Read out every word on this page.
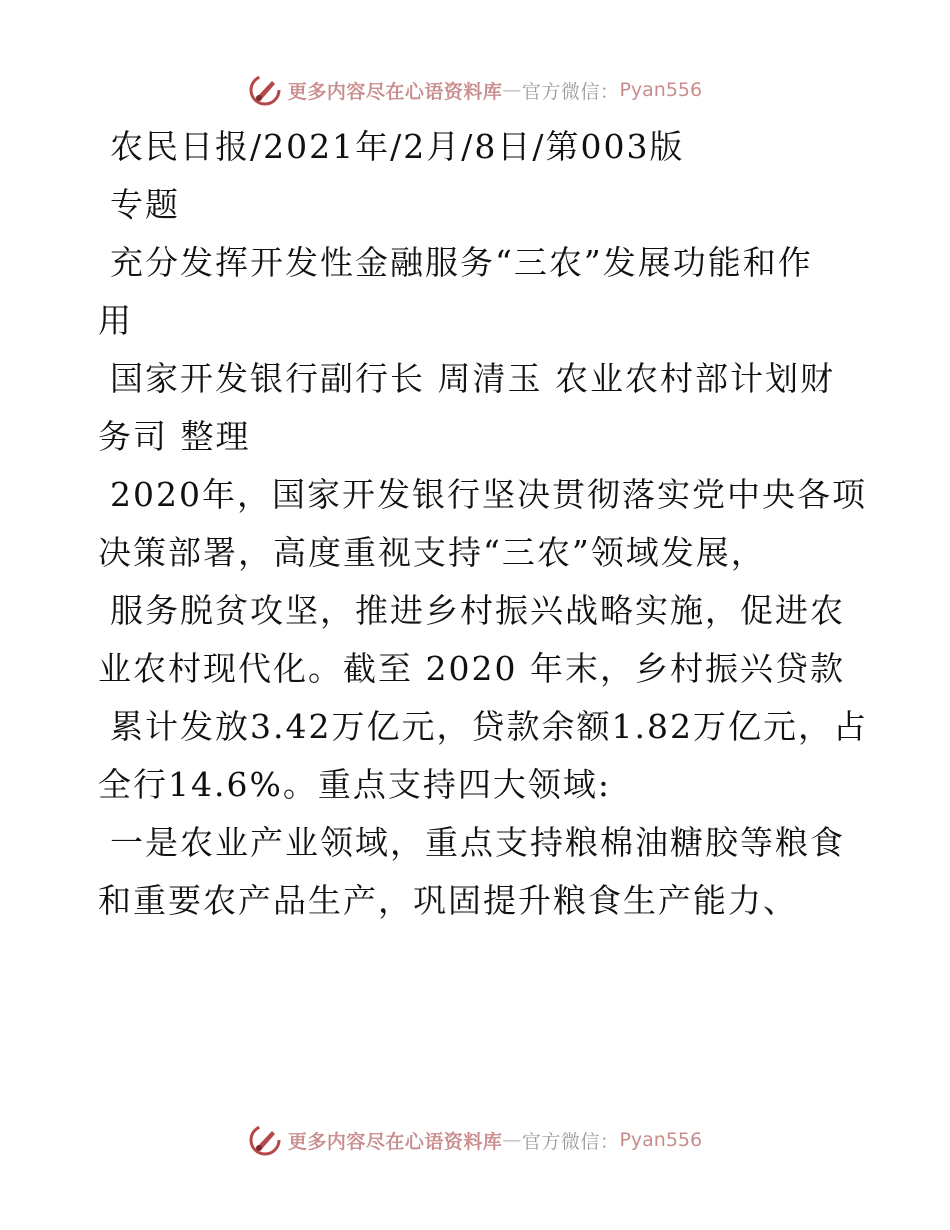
更多内容尽在心语资料库 — 官方微信： Pyan556
农民日报/2021年/2月/8日/第003版
专题
充分发挥开发性金融服务“三农”发展功能和作
用
国家开发银行副行长 周清玉 农业农村部计划财
务司 整理
2020年，国家开发银行坚决贯彻落实党中央各项
决策部署，高度重视支持“三农”领域发展，
服务脱贫攻坚，推进乡村振兴战略实施，促进农
业农村现代化。截至 2020 年末，乡村振兴贷款
累计发放3.42万亿元，贷款余额1.82万亿元，占
全行14.6%。重点支持四大领域:
一是农业产业领域，重点支持粮棉油糖胶等粮食
和重要农产品生产，巩固提升粮食生产能力、
更多内容尽在心语资料库 — 官方微信： Pyan556
